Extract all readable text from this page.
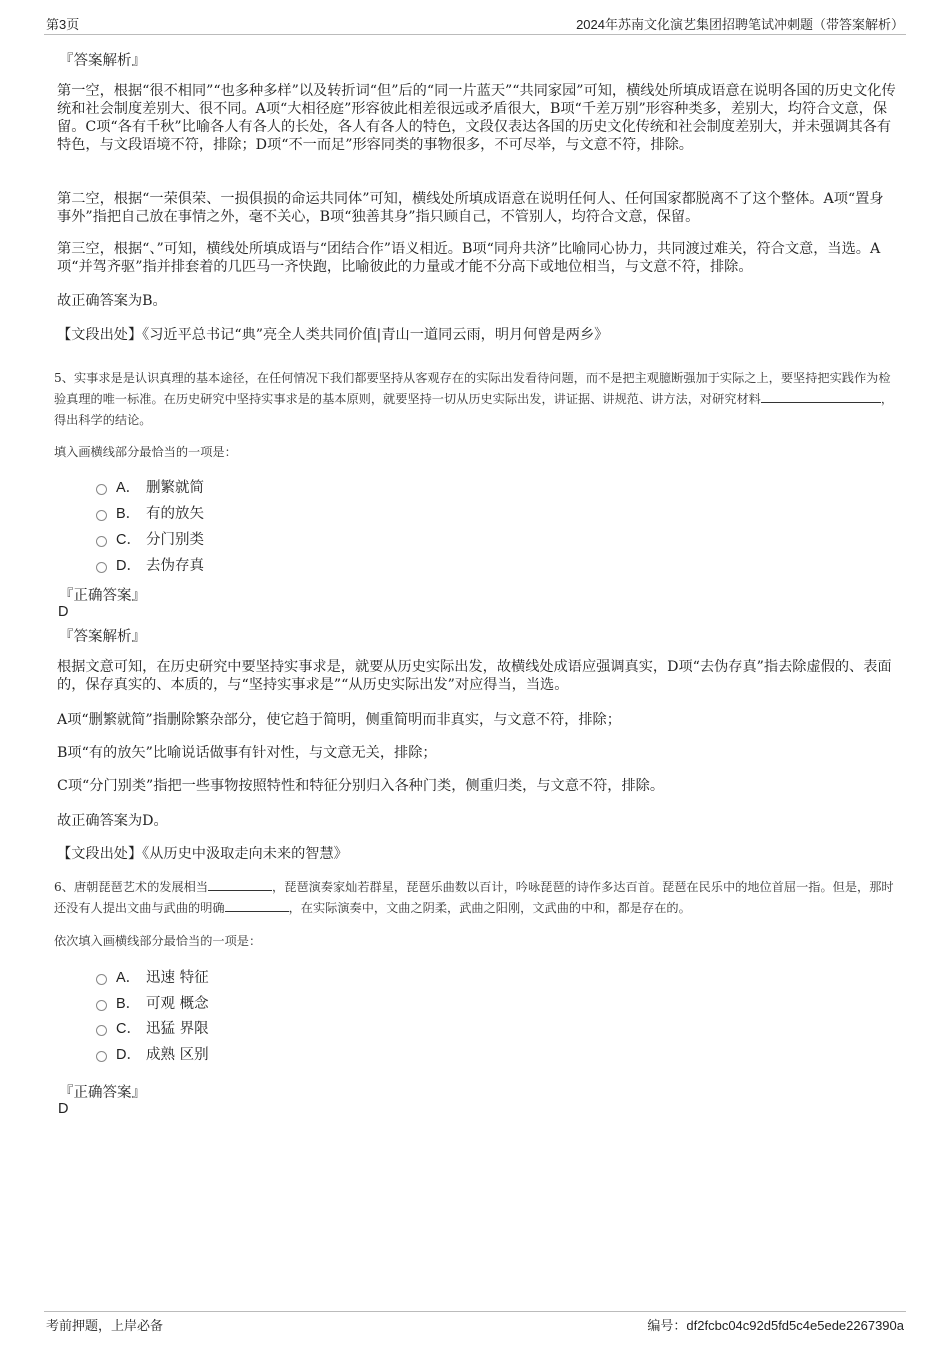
第3页	2024年苏南文化演艺集团招聘笔试冲刺题（带答案解析）
『答案解析』

第一空，根据“很不相同”“也多种多样”以及转折词“但”后的“同一片蓝天”“共同家园”可知，横线处所填成语意在说明各国的历史文化传统和社会制度差别大、很不同。A项“大相径庭”形容彼此相差很远或矛盾很大，B项“千差万别”形容种类多，差别大，均符合文意，保留。C项“各有千秋”比喻各人有各人的长处，各人有各人的特色，文段仅表达各国的历史文化传统和社会制度差别大，并未强调其各有特色，与文段语境不符，排除；D项“不一而足”形容同类的事物很多，不可尽举，与文意不符，排除。

第二空，根据“一荣俱荣、一损俱损的命运共同体”可知，横线处所填成语意在说明任何人、任何国家都脱离不了这个整体。A项“置身事外”指把自己放在事情之外，毫不关心，B项“独善其身”指只顾自己，不管别人，均符合文意，保留。

第三空，根据“、”可知，横线处所填成语与“团结合作”语义相近。B项“同舟共济”比喻同心协力，共同渡过难关，符合文意，当选。A项“并驾齐驱”指并排套着的几匹马一齐快跑，比喻彼此的力量或才能不分高下或地位相当，与文意不符，排除。

故正确答案为B。

【文段出处】《习近平总书记“典”亮全人类共同价值|青山一道同云雨，明月何曾是两乡》

5、实事求是是认识真理的基本途径，在任何情况下我们都要坚持从客观存在的实际出发看待问题，而不是把主观臆断强加于实际之上，要坚持把实践作为检验真理的唯一标准。在历史研究中坚持实事求是的基本原则，就要坚持一切从历史实际出发，讲证据、讲规范、讲方法，对研究材料	，得出科学的结论。

填入画横线部分最恰当的一项是：

A． 删繁就简
B． 有的放矢
C． 分门别类
D． 去伪存真
『正确答案』
D
『答案解析』

根据文意可知，在历史研究中要坚持实事求是，就要从历史实际出发，故横线处成语应强调真实，D项“去伪存真”指去除虚假的、表面的，保存真实的、本质的，与“坚持实事求是”“从历史实际出发”对应得当，当选。

A项“删繁就简”指删除繁杂部分，使它趋于简明，侧重简明而非真实，与文意不符，排除；

B项“有的放矢”比喻说话做事有针对性，与文意无关，排除；

C项“分门别类”指把一些事物按照特性和特征分别归入各种门类，侧重归类，与文意不符，排除。

故正确答案为D。

【文段出处】《从历史中汲取走向未来的智慧》

6、唐朝琵琶艺术的发展相当	，琵琶演奏家灿若群星，琵琶乐曲数以百计，吟咏琵琶的诗作多达百首。琵琶在民乐中的地位首屈一指。但是，那时还没有人提出文曲与武曲的明确	，在实际演奏中，文曲之阴柔，武曲之阳刚，文武曲的中和，都是存在的。

依次填入画横线部分最恰当的一项是：

A． 迅速 特征
B． 可观 概念
C． 迅猛 界限
D． 成熟 区别
『正确答案』
D
考前押题，上岸必备	编号：df2fcbc04c92d5fd5c4e5ede2267390a
